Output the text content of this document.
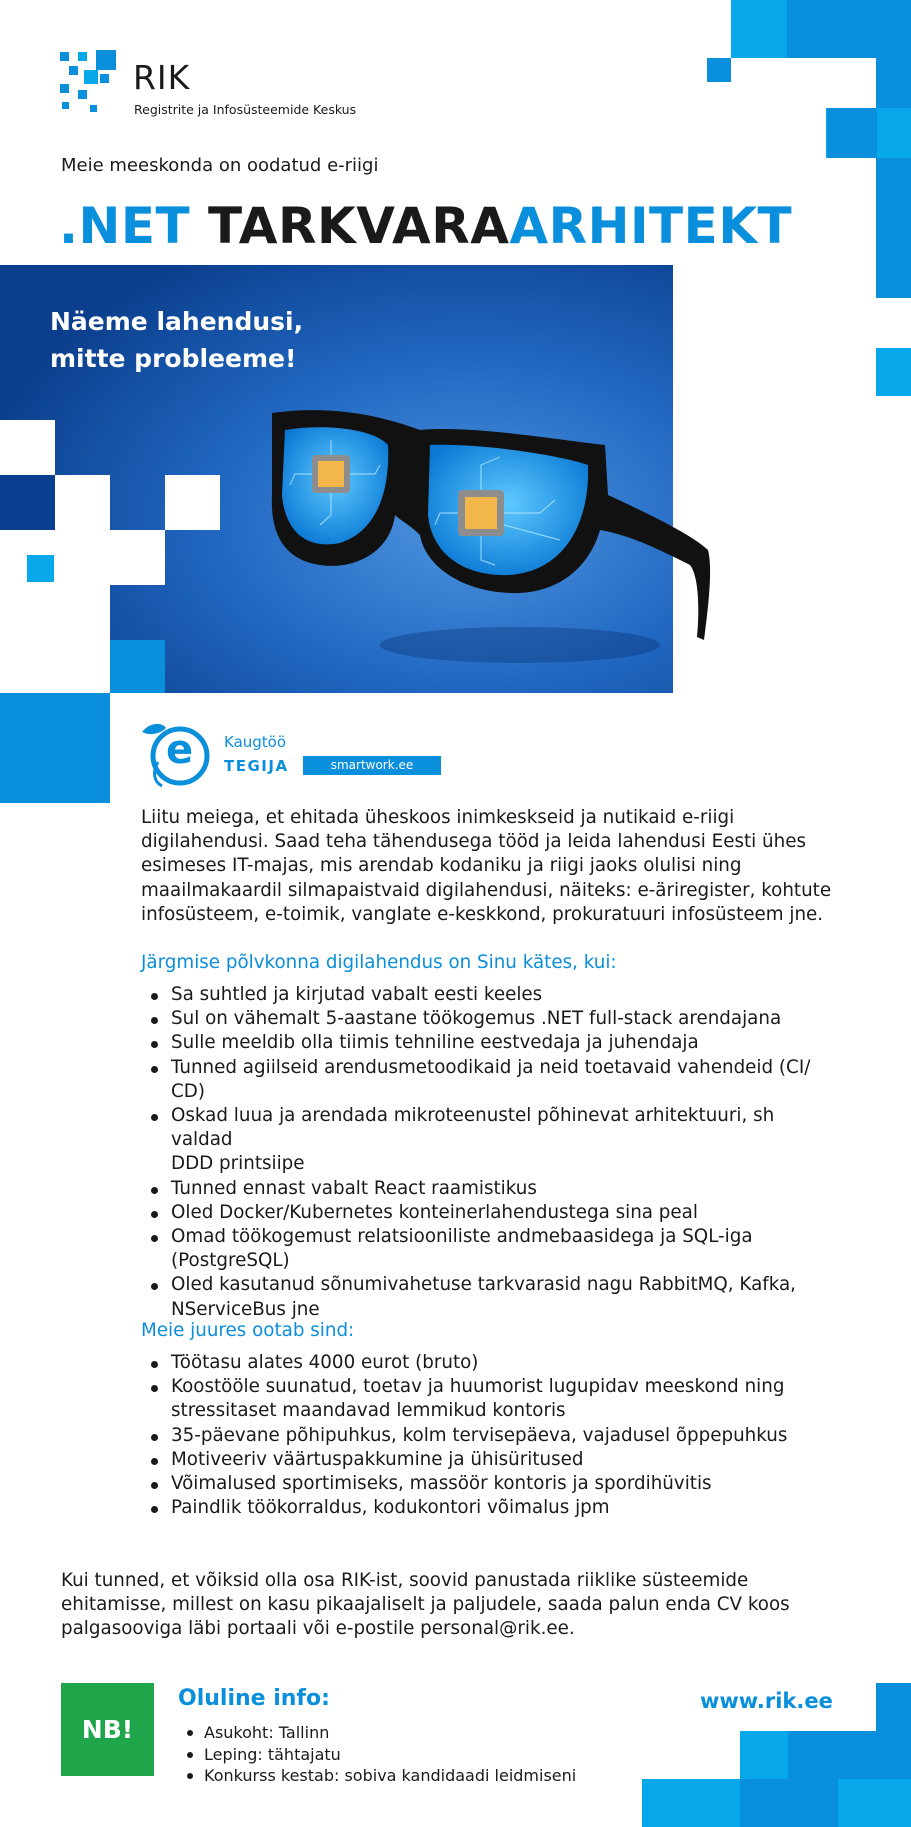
RIK
Registrite ja Infosüsteemide Keskus
Meie meeskonda on oodatud e-riigi
.NET TARKVARAARHITEKT
Näeme lahendusi,
mitte probleeme!
e Kaugtöö
TEGIJA	smartwork.ee
Liitu meiega, et ehitada üheskoos inimkeskseid ja nutikaid e-riigi
digilahendusi. Saad teha tähendusega tööd ja leida lahendusi Eesti ühes
esimeses IT-majas, mis arendab kodaniku ja riigi jaoks olulisi ning
maailmakaardil silmapaistvaid digilahendusi, näiteks: e-äriregister, kohtute
infosüsteem, e-toimik, vanglate e-keskkond, prokuratuuri infosüsteem jne.
Järgmise põlvkonna digilahendus on Sinu kätes, kui:
Sa suhtled ja kirjutad vabalt eesti keeles
Sul on vähemalt 5-aastane töökogemus .NET full-stack arendajana
Sulle meeldib olla tiimis tehniline eestvedaja ja juhendaja
Tunned agiilseid arendusmetoodikaid ja neid toetavaid vahendeid (CI/
CD)
Oskad luua ja arendada mikroteenustel põhinevat arhitektuuri, sh valdad
DDD printsiipe
Tunned ennast vabalt React raamistikus
Oled Docker/Kubernetes konteinerlahendustega sina peal
Omad töökogemust relatsiooniliste andmebaasidega ja SQL-iga
(PostgreSQL)
Oled kasutanud sõnumivahetuse tarkvarasid nagu RabbitMQ, Kafka,
NServiceBus jne
Meie juures ootab sind:
Töötasu alates 4000 eurot (bruto)
Koostööle suunatud, toetav ja huumorist lugupidav meeskond ning
stressitaset maandavad lemmikud kontoris
35-päevane põhipuhkus, kolm tervisepäeva, vajadusel õppepuhkus
Motiveeriv väärtuspakkumine ja ühisüritused
Võimalused sportimiseks, massöör kontoris ja spordihüvitis
Paindlik töökorraldus, kodukontori võimalus jpm
Kui tunned, et võiksid olla osa RIK-ist, soovid panustada riiklike süsteemide
ehitamisse, millest on kasu pikaajaliselt ja paljudele, saada palun enda CV koos
palgasooviga läbi portaali või e-postile personal@rik.ee.
NB!
Oluline info:
Asukoht: Tallinn
Leping: tähtajatu
Konkurss kestab: sobiva kandidaadi leidmiseni
www.rik.ee
